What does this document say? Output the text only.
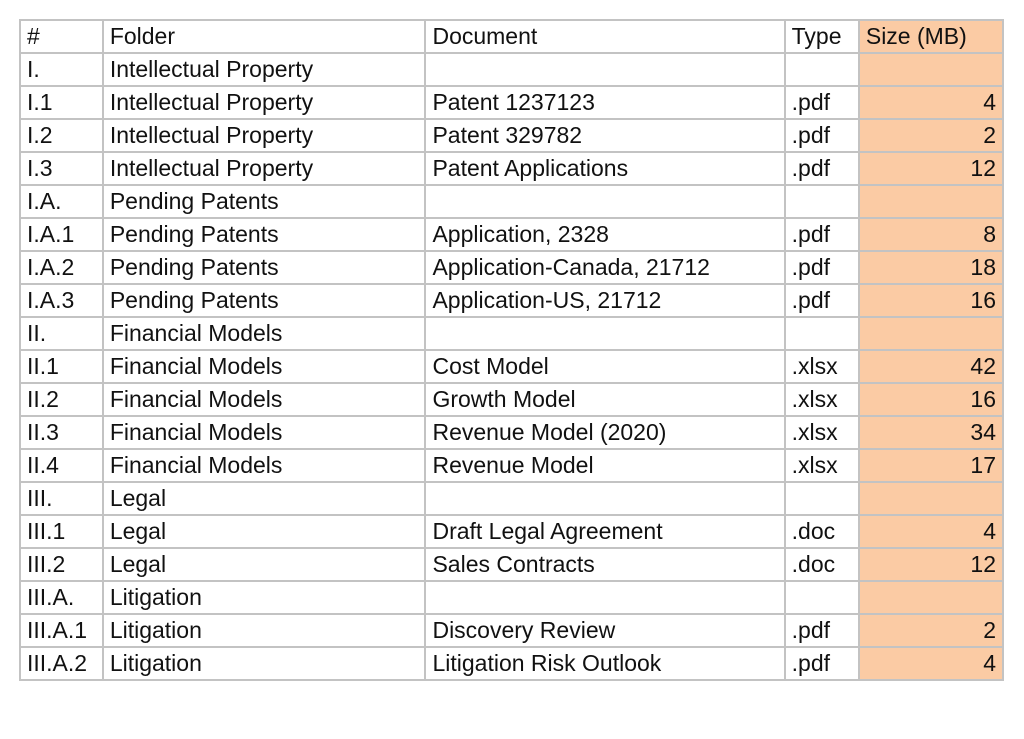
#	Folder	Document	Type	Size (MB)
I.	Intellectual Property			
I.1	Intellectual Property	Patent 1237123	.pdf	4
I.2	Intellectual Property	Patent 329782	.pdf	2
I.3	Intellectual Property	Patent Applications	.pdf	12
I.A.	Pending Patents			
I.A.1	Pending Patents	Application, 2328	.pdf	8
I.A.2	Pending Patents	Application-Canada, 21712	.pdf	18
I.A.3	Pending Patents	Application-US, 21712	.pdf	16
II.	Financial Models			
II.1	Financial Models	Cost Model	.xlsx	42
II.2	Financial Models	Growth Model	.xlsx	16
II.3	Financial Models	Revenue Model (2020)	.xlsx	34
II.4	Financial Models	Revenue Model	.xlsx	17
III.	Legal			
III.1	Legal	Draft Legal Agreement	.doc	4
III.2	Legal	Sales Contracts	.doc	12
III.A.	Litigation			
III.A.1	Litigation	Discovery Review	.pdf	2
III.A.2	Litigation	Litigation Risk Outlook	.pdf	4
